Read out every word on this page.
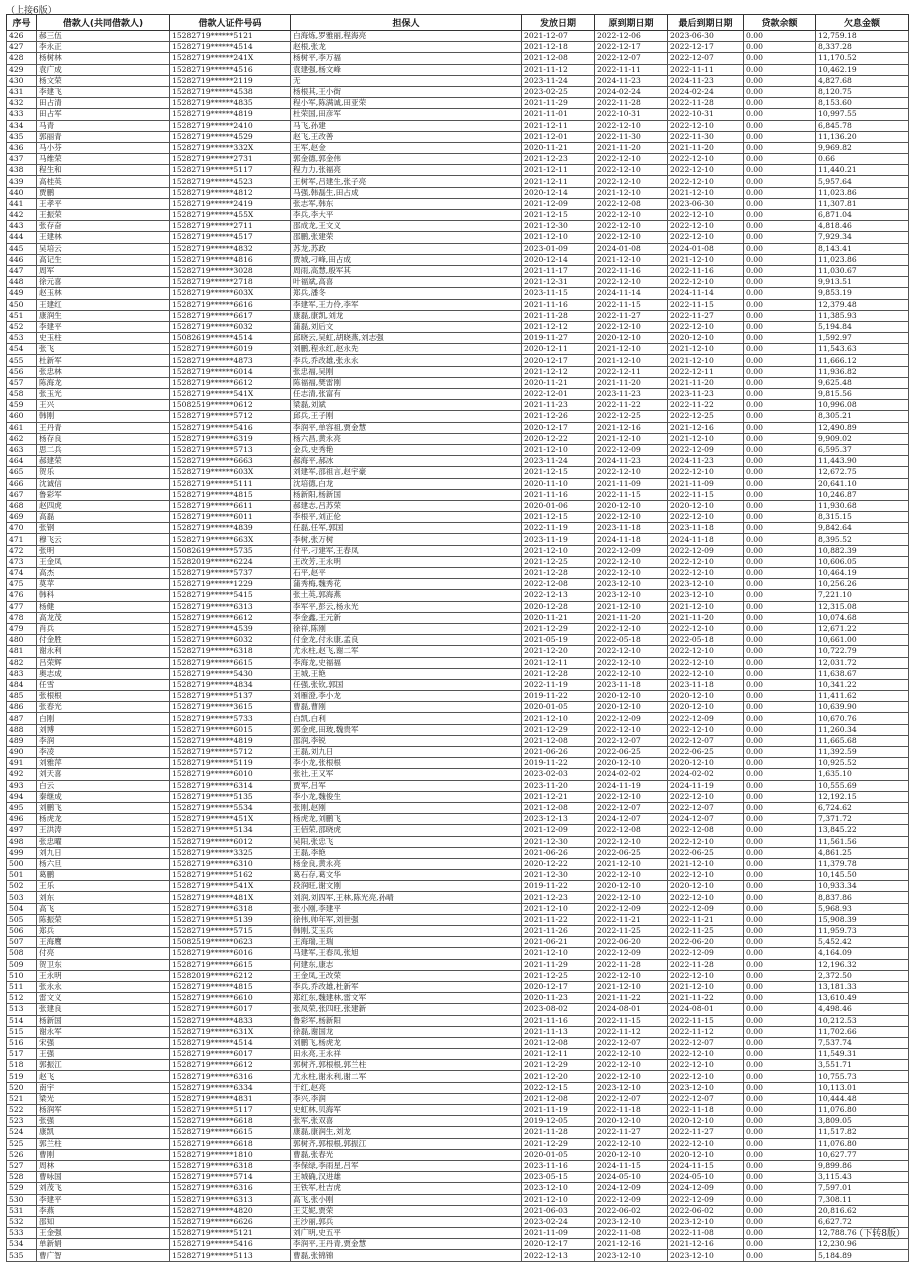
（上接6版）
序号	借款人(共同借款人)	借款人证件号码	担保人	发放日期	原到期日期	最后到期日期	贷款余额	欠息金额
426	郝三伍	15282719******5121	白海炼,罗雅丽,程海亮	2021-12-07	2022-12-06	2023-06-30	0.00	12,759.18
427	李永正	15282719******4514	赵根,张龙	2021-12-18	2022-12-17	2022-12-17	0.00	8,337.28
428	杨树林	15282719******241X	杨树平,李万福	2021-12-08	2022-12-07	2022-12-07	0.00	11,170.52
429	袁广成	15282719******4516	袁建强,杨文峰	2021-11-12	2022-11-11	2022-11-11	0.00	10,462.19
430	杨文荣	15282719******2119	无	2023-11-24	2024-11-23	2024-11-23	0.00	4,827.68
431	李建飞	15282719******4538	杨根其,王小街	2023-02-25	2024-02-24	2024-02-24	0.00	8,120.75
432	田占清	15282719******4835	程小军,陈满诚,田亚荣	2021-11-29	2022-11-28	2022-11-28	0.00	8,153.60
433	田占军	15282719******4819	杜荣国,田彦军	2021-11-01	2022-10-31	2022-10-31	0.00	10,997.55
434	马青	15282719******2410	马飞,孙建	2021-12-11	2022-12-10	2022-12-10	0.00	6,845.78
435	郭丽青	15282719******4529	赵飞,王改善	2021-12-01	2022-11-30	2022-11-30	0.00	11,136.20
436	马小芬	15282719******332X	王军,赵金	2020-11-21	2021-11-20	2021-11-20	0.00	9,969.82
437	马维荣	15282719******2731	郭金德,郭金伟	2021-12-23	2022-12-10	2022-12-10	0.00	0.66
438	程生和	15282719******5117	程力力,张福亮	2021-12-11	2022-12-10	2022-12-10	0.00	11,440.21
439	高桂英	15282719******4523	王树军,吕建生,张子亮	2021-12-11	2022-12-10	2022-12-10	0.00	5,957.64
440	贾鹏	15282719******4812	马强,韩磊生,田占成	2020-12-14	2021-12-10	2021-12-10	0.00	11,023.86
441	王孝平	15282719******2419	张志军,韩东	2021-12-09	2022-12-08	2023-06-30	0.00	11,307.81
442	王振荣	15282719******455X	李兵,李大平	2021-12-15	2022-12-10	2022-12-10	0.00	6,871.04
443	张存奋	15282719******2711	邵成龙,王文义	2021-12-30	2022-12-10	2022-12-10	0.00	4,818.46
444	王建林	15282719******4517	邵鹏,张建荣	2021-12-10	2022-12-10	2022-12-10	0.00	7,929.34
445	吴培云	15282719******4832	苏龙,苏政	2023-01-09	2024-01-08	2024-01-08	0.00	8,143.41
446	高记生	15282719******4816	贾城,刁峰,田占成	2020-12-14	2021-12-10	2021-12-10	0.00	11,023.86
447	周军	15282719******3028	周雨,高慧,殷军其	2021-11-17	2022-11-16	2022-11-16	0.00	11,030.67
448	徐元喜	15282719******2718	叶福斌,高喜	2021-12-31	2022-12-10	2022-12-10	0.00	9,913.51
449	赵玉林	15282719******603X	郑兵,潘冬	2023-11-15	2024-11-14	2024-11-14	0.00	9,853.19
450	王建红	15282719******6616	李建军,王力伶,李军	2021-11-16	2022-11-15	2022-11-15	0.00	12,379.48
451	康润生	15282719******6617	康磊,康凯,刘龙	2021-11-28	2022-11-27	2022-11-27	0.00	11,385.93
452	李建平	15282719******6032	蒲磊,刘后文	2021-12-12	2022-12-10	2022-12-10	0.00	5,194.84
453	史玉柱	15082619******4514	邱晓云,吴虹,胡晓燕,刘志强	2019-11-27	2020-12-10	2020-12-10	0.00	1,592.97
454	张飞	15282719******6019	刘鹏,程永红,赵永先	2020-12-11	2021-12-10	2021-12-10	0.00	11,543.63
455	杜新军	15282719******4873	李兵,乔改雄,张永永	2020-12-17	2021-12-10	2021-12-10	0.00	11,666.12
456	张忠林	15282719******6014	张忠福,吴刚	2021-12-12	2022-12-11	2022-12-11	0.00	11,936.82
457	陈海龙	15282719******6612	陈福福,樊雷刚	2020-11-21	2021-11-20	2021-11-20	0.00	9,625.48
458	张玉光	15282719******541X	任志清,张富有	2022-12-01	2023-11-23	2023-11-23	0.00	9,815.56
459	王兴	15082519******0612	梁磊,刘斌	2021-11-23	2022-11-22	2022-11-22	0.00	10,996.08
460	韩刚	15282719******5712	邱兵,王子刚	2021-12-26	2022-12-25	2022-12-25	0.00	8,305.21
461	王丹青	15282719******5416	李润平,单容祖,贾金慧	2020-12-17	2021-12-16	2021-12-16	0.00	12,490.89
462	杨存良	15282719******6319	杨六昌,黄永亮	2020-12-22	2021-12-10	2021-12-10	0.00	9,909.02
463	思二兵	15282719******5713	金兵,史秀艳	2021-12-10	2022-12-09	2022-12-09	0.00	6,595.37
464	郝建荣	15282719******6663	郝海平,郝冰	2023-11-24	2024-11-23	2024-11-23	0.00	11,443.90
465	贺乐	15282719******603X	刘建军,邵祖言,赵宇豪	2021-12-15	2022-12-10	2022-12-10	0.00	12,672.75
466	沈诚信	15282719******5111	沈培德,白龙	2020-11-10	2021-11-09	2021-11-09	0.00	20,641.10
467	鲁彩军	15282719******4815	杨新阳,杨新国	2021-11-16	2022-11-15	2022-11-15	0.00	10,246.87
468	赵四虎	15282719******6611	郝建志,吕苏荣	2020-01-06	2020-12-10	2020-12-10	0.00	11,930.68
469	高磊	15282719******6011	李根平,刘正伦	2021-12-15	2022-12-10	2022-12-10	0.00	8,315.15
470	张钢	15282719******4839	任磊,任军,郭国	2022-11-19	2023-11-18	2023-11-18	0.00	9,842.64
471	穆飞云	15282719******663X	李树,张万树	2023-11-19	2024-11-18	2024-11-18	0.00	8,395.52
472	张明	15082619******5735	付平,刁建军,王春凤	2021-12-10	2022-12-09	2022-12-09	0.00	10,882.39
473	王金凤	15282019******6224	王改芳,王永明	2021-12-25	2022-12-10	2022-12-10	0.00	10,606.05
474	高杰	15282719******5737	石平,赵平	2021-12-28	2022-12-10	2022-12-10	0.00	10,464.19
475	莫苹	15282719******1229	蒲秀梅,魏秀花	2022-12-08	2023-12-10	2023-12-10	0.00	10,256.26
476	韩科	15282719******5415	张土英,郭海燕	2022-12-13	2023-12-10	2023-12-10	0.00	7,221.10
477	杨健	15282719******6313	李军平,彭云,杨永光	2020-12-28	2021-12-10	2021-12-10	0.00	12,315.08
478	高龙茂	15282719******6612	李金鑫,王元新	2020-11-21	2021-11-20	2021-11-20	0.00	10,074.68
479	肖兵	15282719******4539	徐祥,陈刚	2021-12-29	2022-12-10	2022-12-10	0.00	12,671.22
480	付金胜	15282719******6032	付金龙,付永康,孟良	2021-05-19	2022-05-18	2022-05-18	0.00	10,661.00
481	谢永利	15282719******6318	尤永柱,赵飞,谢二军	2021-12-20	2022-12-10	2022-12-10	0.00	10,722.79
482	吕荣辉	15282719******6615	李海龙,史福福	2021-12-11	2022-12-10	2022-12-10	0.00	12,031.72
483	奥志成	15282719******5430	王城,王艳	2021-12-28	2022-12-10	2022-12-10	0.00	11,638.67
484	任雪	15282719******4834	任强,张钦,郭国	2022-11-19	2023-11-18	2023-11-18	0.00	10,341.22
485	张根根	15282719******5137	刘雁澄,李小龙	2019-11-22	2020-12-10	2020-12-10	0.00	11,411.62
486	张春光	15282719******3615	曹磊,曹刚	2020-01-05	2020-12-10	2020-12-10	0.00	10,639.90
487	白刚	15282719******5733	白凯,白利	2021-12-10	2022-12-09	2022-12-09	0.00	10,670.76
488	刘博	15282719******6015	郭金虎,田玻,魏贵军	2021-12-29	2022-12-10	2022-12-10	0.00	11,260.34
489	李润	15282719******4819	邵润,李锐	2021-12-08	2022-12-07	2022-12-07	0.00	11,665.68
490	李凌	15282719******5712	王磊,刘九日	2021-06-26	2022-06-25	2022-06-25	0.00	11,392.59
491	刘雅萍	15282719******5119	李小龙,张根根	2019-11-22	2020-12-10	2020-12-10	0.00	10,925.52
492	刘天喜	15282719******6010	张社,王又军	2023-02-03	2024-02-02	2024-02-02	0.00	1,635.10
493	白云	15282719******6314	贾军,吕军	2023-11-20	2024-11-19	2024-11-19	0.00	10,555.69
494	秦继成	15282719******5135	李小龙,魏俊生	2021-12-21	2022-12-10	2022-12-10	0.00	12,192.15
495	刘鹏飞	15282719******5534	张刚,赵刚	2021-12-08	2022-12-07	2022-12-07	0.00	6,724.62
496	杨虎龙	15282719******451X	杨虎龙,刘鹏飞	2023-12-13	2024-12-07	2024-12-07	0.00	7,371.72
497	王洪涛	15282719******5134	王佰荣,邵晓虎	2021-12-09	2022-12-08	2022-12-08	0.00	13,845.22
498	张忠曜	15282719******6012	吴阳,张忠飞	2021-12-30	2022-12-10	2022-12-10	0.00	11,561.56
499	刘九日	15282719******3325	王磊,李艳	2021-06-26	2022-06-25	2022-06-25	0.00	4,861.25
500	杨六旦	15282719******6310	杨金良,黄永亮	2020-12-22	2021-12-10	2021-12-10	0.00	11,379.78
501	葛鹏	15282719******5162	葛石存,葛文华	2021-12-30	2022-12-10	2022-12-10	0.00	10,145.50
502	王乐	15282719******541X	段润旺,谢文刚	2019-11-22	2020-12-10	2020-12-10	0.00	10,933.34
503	刘东	15282719******481X	刘润,刘四军,王林,陈光亮,孙晴	2021-12-23	2022-12-10	2022-12-10	0.00	8,837.86
504	高飞	15282719******6318	张小刚,李建平	2021-12-10	2022-12-09	2022-12-09	0.00	5,968.93
505	陈振荣	15282719******5139	徐伟,帅年军,刘世强	2021-11-22	2022-11-21	2022-11-21	0.00	15,908.39
506	郑兵	15282719******5715	韩刚,艾玉兵	2021-11-26	2022-11-25	2022-11-25	0.00	11,959.73
507	王海鹰	15082519******0623	王海瑞,王瑞	2021-06-21	2022-06-20	2022-06-20	0.00	5,452.42
508	付亮	15282719******6016	马建军,王春凤,张旭	2021-12-10	2022-12-09	2022-12-09	0.00	4,164.09
509	贺卫东	15282719******6615	何建东,康志	2021-11-29	2022-11-28	2022-11-28	0.00	12,196.32
510	王永明	15282019******6212	王金凤,王改荣	2021-12-25	2022-12-10	2022-12-10	0.00	2,372.50
511	张永永	15282719******4815	李兵,乔改雄,杜新军	2020-12-17	2021-12-10	2021-12-10	0.00	13,181.33
512	雷文义	15282719******6610	郑红东,魏建林,雷文军	2020-11-23	2021-11-22	2021-11-22	0.00	13,610.49
513	张建良	15282719******6017	张凤荣,张四旺,张建新	2023-08-02	2024-08-01	2024-08-01	0.00	4,498.46
514	杨新国	15282719******4833	鲁彩军,杨新阳	2021-11-16	2022-11-15	2022-11-15	0.00	10,212.53
515	谢永军	15282719******631X	徐磊,谢国龙	2021-11-13	2022-11-12	2022-11-12	0.00	11,702.66
516	宋强	15282719******4514	刘鹏飞,杨虎龙	2021-12-08	2022-12-07	2022-12-07	0.00	7,537.74
517	王强	15282719******6017	田永亮,王永祥	2021-12-11	2022-12-10	2022-12-10	0.00	11,549.31
518	郭振江	15282719******6612	郭树齐,郭根根,郭兰柱	2021-12-29	2022-12-10	2022-12-10	0.00	3,551.71
519	赵飞	15282719******6316	尤永柱,谢永利,谢二军	2021-12-20	2022-12-10	2022-12-10	0.00	10,755.73
520	南宇	15282719******6334	于红,赵亮	2022-12-15	2023-12-10	2023-12-10	0.00	10,113.01
521	梁光	15282719******4831	李兴,李润	2021-12-08	2022-12-07	2022-12-07	0.00	10,444.48
522	杨润军	15282719******5117	史虹林,贝海军	2021-11-19	2022-11-18	2022-11-18	0.00	11,076.80
523	张强	15282719******6618	张军,张双喜	2019-12-05	2020-12-10	2020-12-10	0.00	3,809.05
524	康凯	15282719******6615	康磊,康润生,刘龙	2021-11-28	2022-11-27	2022-11-27	0.00	11,517.82
525	郭兰柱	15282719******6618	郭树齐,郭根根,郭振江	2021-12-29	2022-12-10	2022-12-10	0.00	11,076.80
526	曹刚	15282719******1810	曹磊,张春光	2020-01-05	2020-12-10	2020-12-10	0.00	10,627.77
527	周林	15282719******6318	李保绿,李雨星,吕军	2023-11-16	2024-11-15	2024-11-15	0.00	9,899.86
528	曹咏国	15282719******5714	王城确,汉进雄	2023-05-15	2024-05-10	2024-05-10	0.00	3,115.43
529	刘茂飞	15282719******6316	王铁军,杜吉虎	2023-12-10	2024-12-09	2024-12-09	0.00	7,597.01
530	李建平	15282719******6313	高飞,张小刚	2021-12-10	2022-12-09	2022-12-09	0.00	7,308.11
531	李燕	15282719******4820	王艾妮,贾荣	2021-06-03	2022-06-02	2022-06-02	0.00	20,816.62
532	邵知	15282719******6626	王沙丽,郭兵	2023-02-24	2023-12-10	2023-12-10	0.00	6,627.72
533	王金强	15282719******5121	刘广明,史五平	2021-11-09	2022-11-08	2022-11-08	0.00	12,788.76
534	单新娟	15282719******5416	李润平,王丹青,贾金慧	2020-12-17	2021-12-16	2021-12-16	0.00	12,230.96
535	曹广智	15282719******5113	曹磊,张锦锦	2022-12-13	2023-12-10	2023-12-10	0.00	5,184.89
（下转8版）
